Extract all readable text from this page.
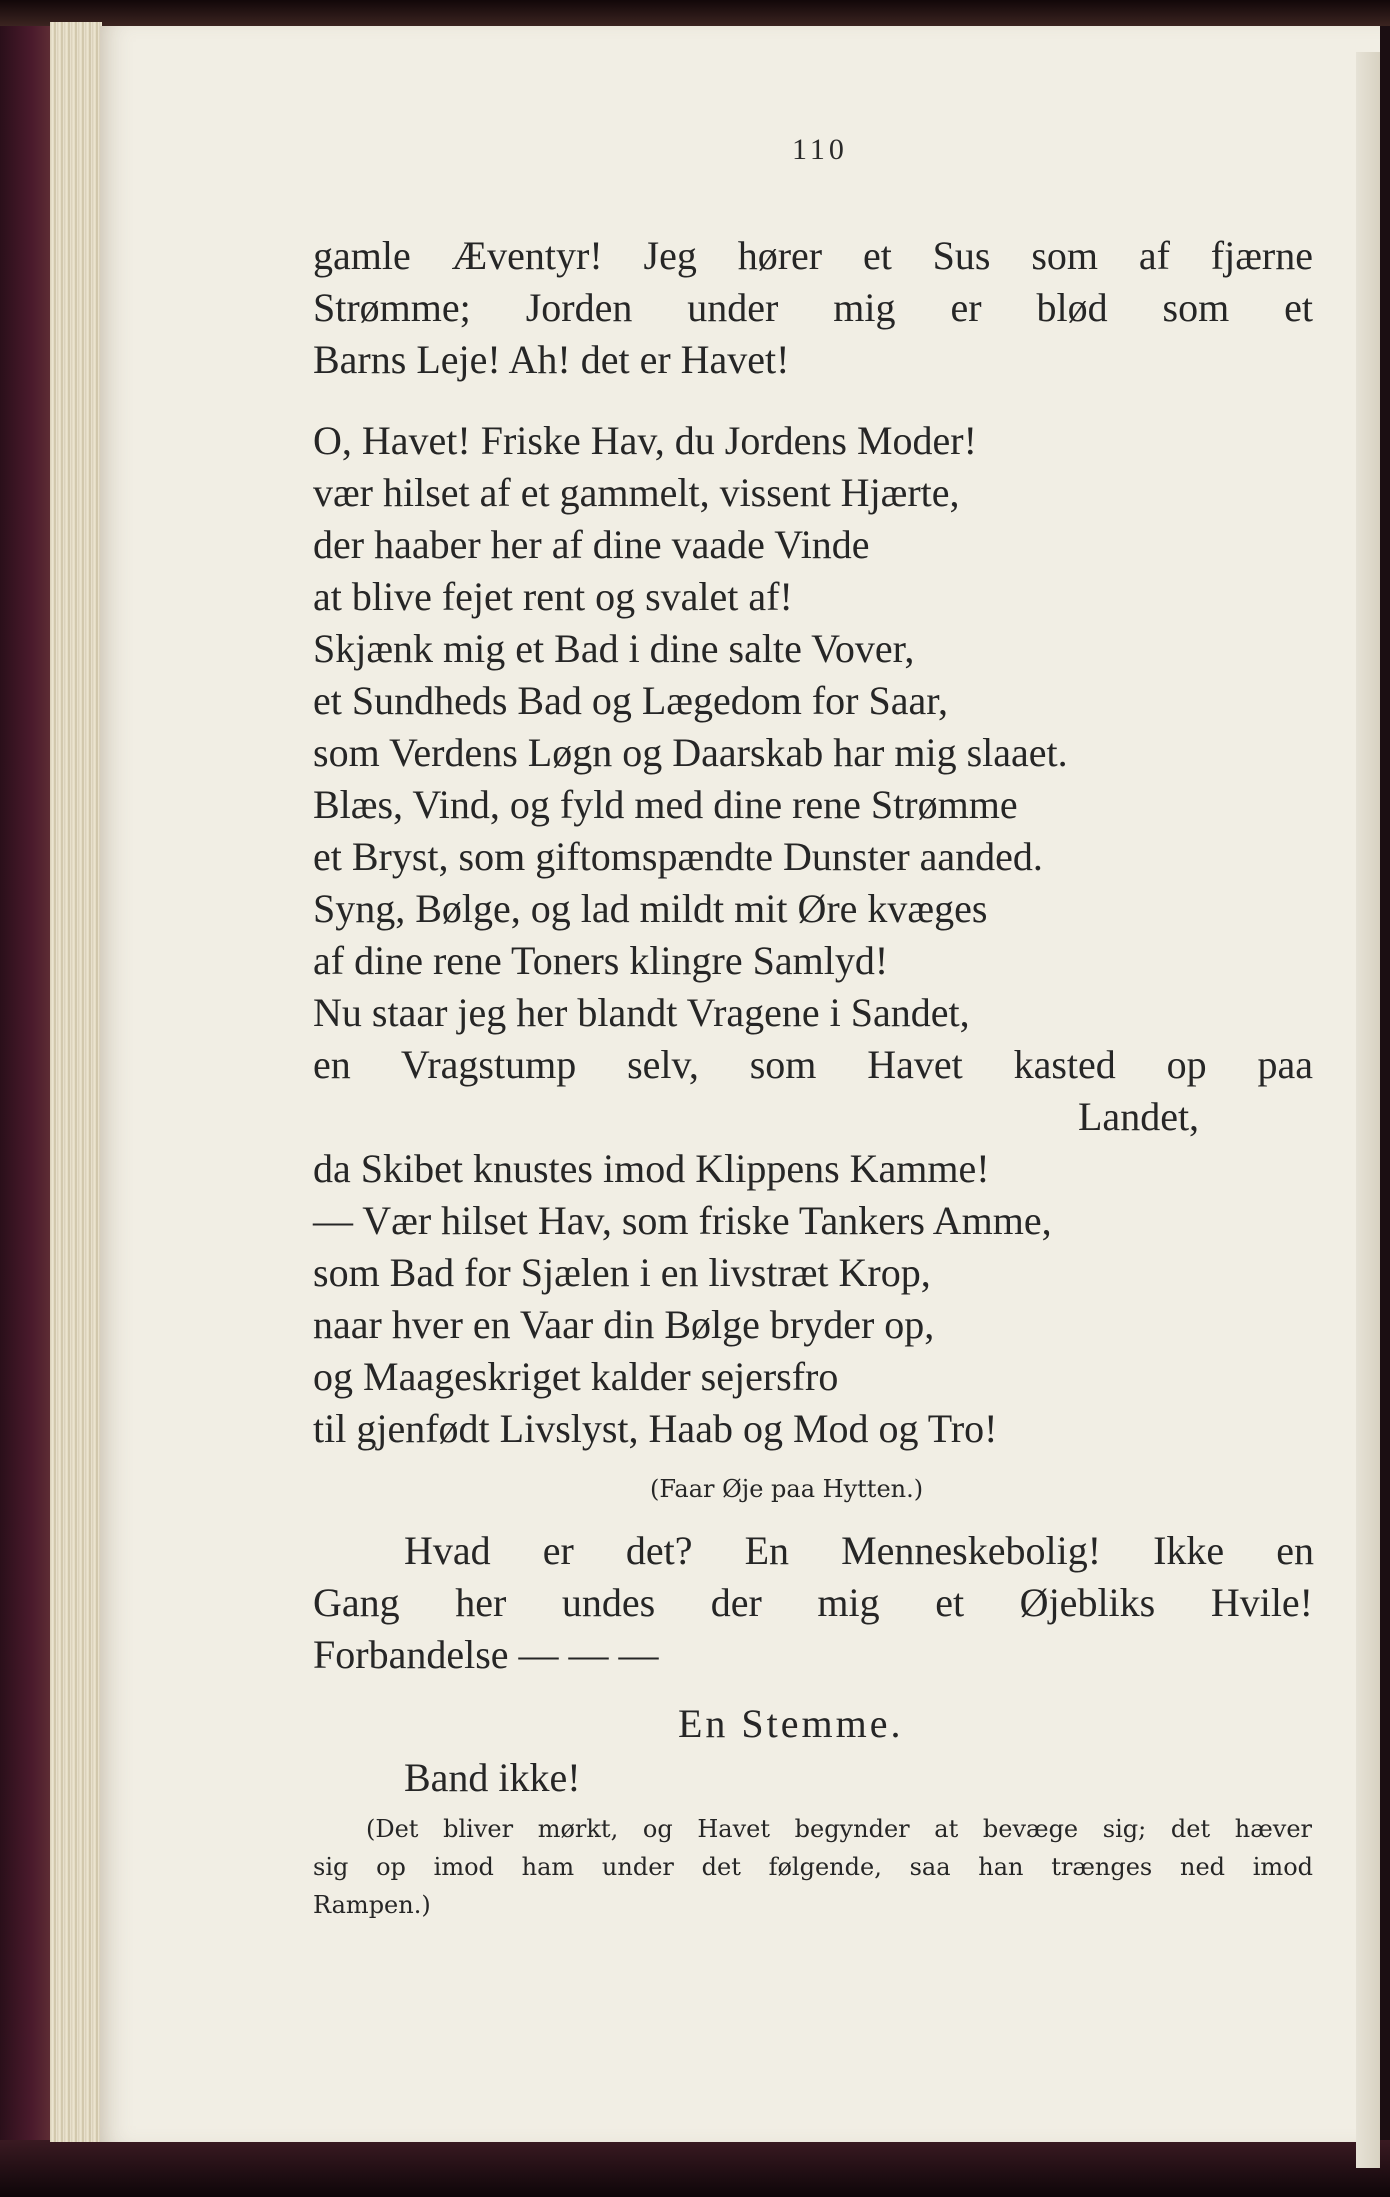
110
gamle Æventyr! Jeg hører et Sus som af fjærne
Strømme; Jorden under mig er blød som et
Barns Leje! Ah! det er Havet!
O, Havet! Friske Hav, du Jordens Moder!
vær hilset af et gammelt, vissent Hjærte,
der haaber her af dine vaade Vinde
at blive fejet rent og svalet af!
Skjænk mig et Bad i dine salte Vover,
et Sundheds Bad og Lægedom for Saar,
som Verdens Løgn og Daarskab har mig slaaet.
Blæs, Vind, og fyld med dine rene Strømme
et Bryst, som giftomspændte Dunster aanded.
Syng, Bølge, og lad mildt mit Øre kvæges
af dine rene Toners klingre Samlyd!
Nu staar jeg her blandt Vragene i Sandet,
en Vragstump selv, som Havet kasted op paa
Landet,
da Skibet knustes imod Klippens Kamme!
— Vær hilset Hav, som friske Tankers Amme,
som Bad for Sjælen i en livstræt Krop,
naar hver en Vaar din Bølge bryder op,
og Maageskriget kalder sejersfro
til gjenfødt Livslyst, Haab og Mod og Tro!
(Faar Øje paa Hytten.)
Hvad er det? En Menneskebolig! Ikke en
Gang her undes der mig et Øjebliks Hvile!
Forbandelse — — —
En Stemme.
Band ikke!
(Det bliver mørkt, og Havet begynder at bevæge sig; det hæver
sig op imod ham under det følgende, saa han trænges ned imod
Rampen.)
